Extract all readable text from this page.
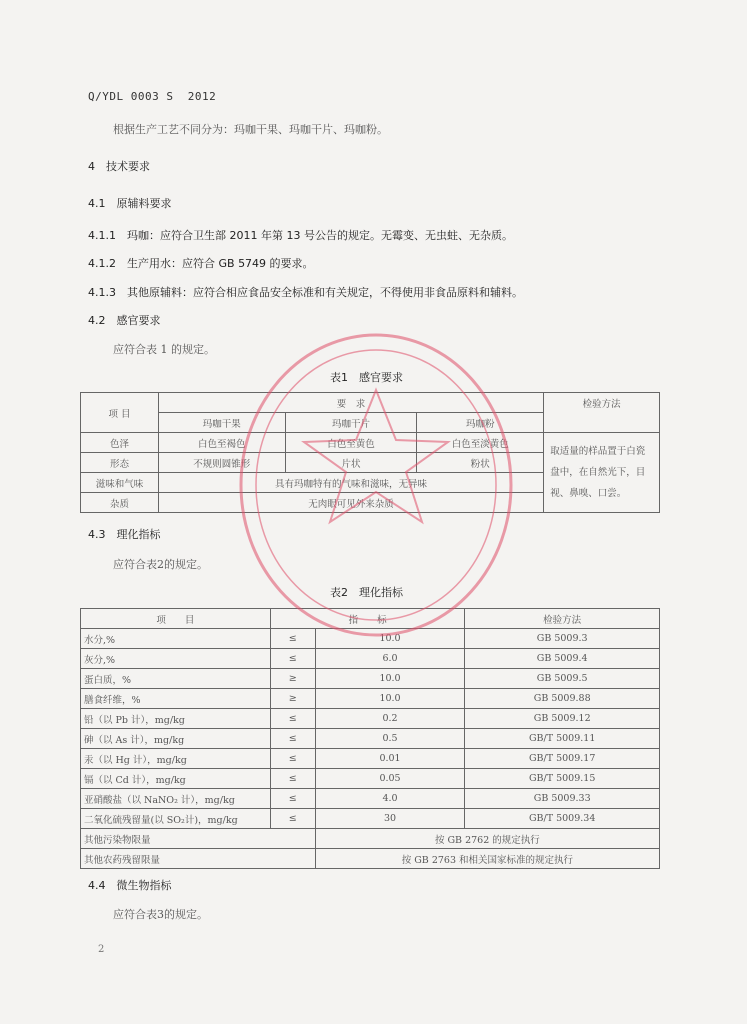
Q/YDL 0003 S  2012
根据生产工艺不同分为：玛咖干果、玛咖干片、玛咖粉。
4　 技术要求
4.1　 原辅料要求
4.1.1　 玛咖：应符合卫生部 2011 年第 13 号公告的规定。无霉变、无虫蛀、无杂质。
4.1.2　 生产用水：应符合 GB 5749 的要求。
4.1.3　 其他原辅料：应符合相应食品安全标准和有关规定，不得使用非食品原料和辅料。
4.2　 感官要求
应符合表 1 的规定。
表1　感官要求
项 目	要　求			检验方法
	玛咖干果	玛咖干片	玛咖粉	
色泽	白色至褐色	白色至黄色	白色至淡黄色	取适量的样品置于白瓷盘中，在自然光下，目视、鼻嗅、口尝。
形态	不规则圆锥形	片状	粉状	
滋味和气味	具有玛咖特有的气味和滋味，无异味			
杂质	无肉眼可见外来杂质			
4.3　 理化指标
应符合表2的规定。
表2　理化指标
项　　目	指　　标		检验方法
水分,%	≤	10.0	GB 5009.3
灰分,%	≤	6.0	GB 5009.4
蛋白质，%	≥	10.0	GB 5009.5
膳食纤维，%	≥	10.0	GB 5009.88
铅（以 Pb 计），mg/kg	≤	0.2	GB 5009.12
砷（以 As 计），mg/kg	≤	0.5	GB/T 5009.11
汞（以 Hg 计），mg/kg	≤	0.01	GB/T 5009.17
镉（以 Cd 计），mg/kg	≤	0.05	GB/T 5009.15
亚硝酸盐（以 NaNO₂ 计），mg/kg	≤	4.0	GB 5009.33
二氧化硫残留量(以 SO₂计)，mg/kg	≤	30	GB/T 5009.34
其他污染物限量		按 GB 2762 的规定执行	
其他农药残留限量		按 GB 2763 和相关国家标准的规定执行	
4.4　 微生物指标
应符合表3的规定。
2
